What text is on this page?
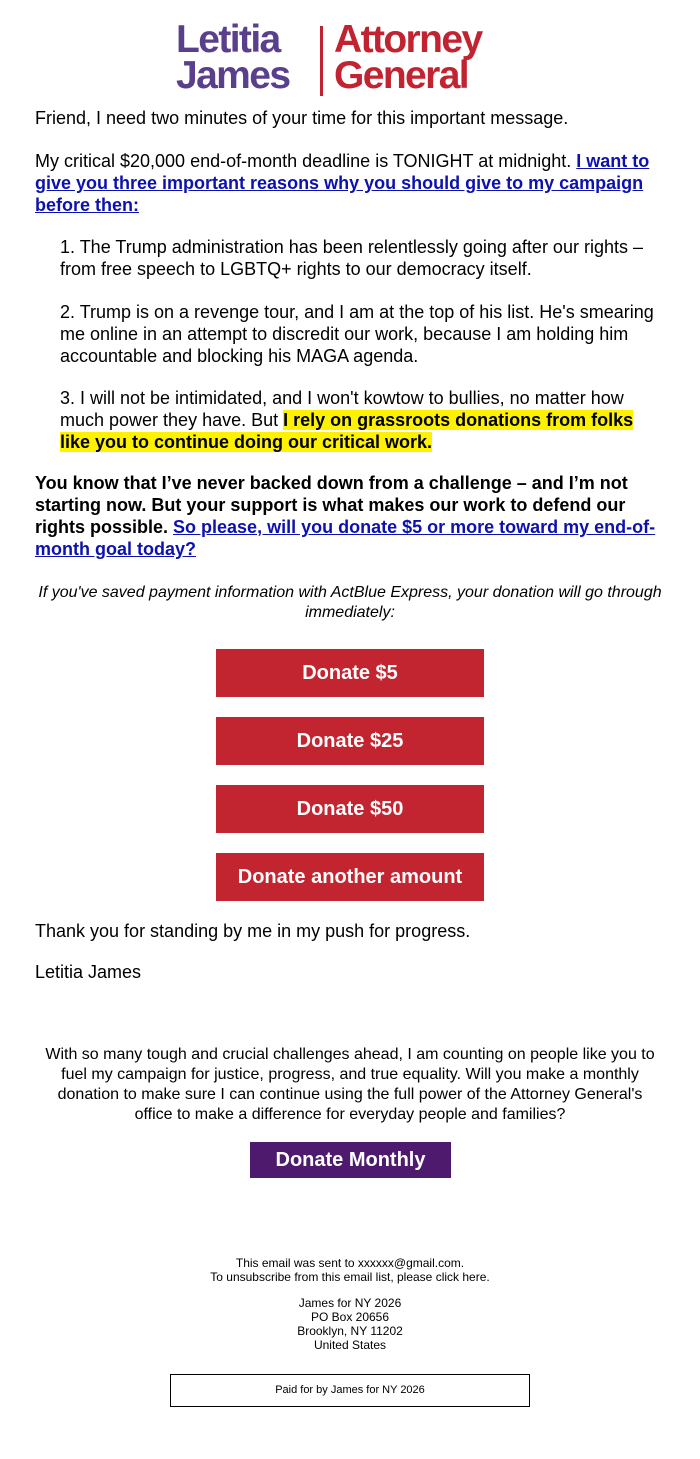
Letitia
James
Attorney
General
Friend, I need two minutes of your time for this important message.
My critical $20,000 end-of-month deadline is TONIGHT at midnight. I want to give you three important reasons why you should give to my campaign before then:
1. The Trump administration has been relentlessly going after our rights – from free speech to LGBTQ+ rights to our democracy itself.
2. Trump is on a revenge tour, and I am at the top of his list. He's smearing me online in an attempt to discredit our work, because I am holding him accountable and blocking his MAGA agenda.
3. I will not be intimidated, and I won't kowtow to bullies, no matter how much power they have. But I rely on grassroots donations from folks like you to continue doing our critical work.
You know that I’ve never backed down from a challenge – and I’m not starting now. But your support is what makes our work to defend our rights possible. So please, will you donate $5 or more toward my end-of-month goal today?
If you've saved payment information with ActBlue Express, your donation will go through immediately:
Donate $5
Donate $25
Donate $50
Donate another amount
Thank you for standing by me in my push for progress.
Letitia James
With so many tough and crucial challenges ahead, I am counting on people like you to fuel my campaign for justice, progress, and true equality. Will you make a monthly donation to make sure I can continue using the full power of the Attorney General's office to make a difference for everyday people and families?
Donate Monthly
This email was sent to xxxxxx@gmail.com.
To unsubscribe from this email list, please click here.
James for NY 2026
PO Box 20656
Brooklyn, NY 11202
United States
Paid for by James for NY 2026
